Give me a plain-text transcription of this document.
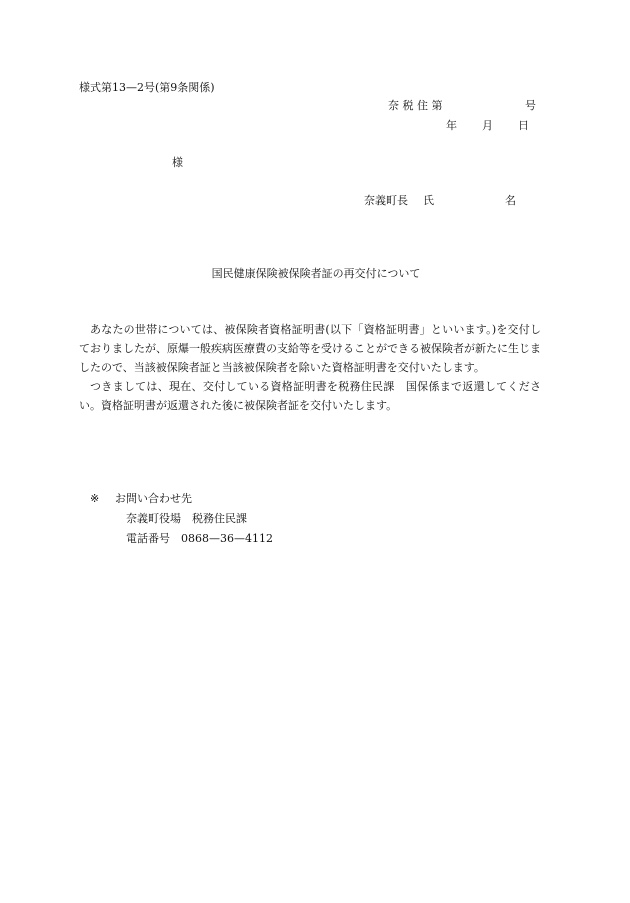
様式第13—2号(第9条関係)
奈 税 住 第	号
年 月 日
様
奈義町長 氏	名
国民健康保険被保険者証の再交付について

あなたの世帯については、被保険者資格証明書(以下「資格証明書」といいます。)を交付しておりましたが、原爆一般疾病医療費の支給等を受けることができる被保険者が新たに生じましたので、当該被保険者証と当該被保険者を除いた資格証明書を交付いたします。

つきましては、現在、交付している資格証明書を税務住民課　国保係まで返還してください。資格証明書が返還された後に被保険者証を交付いたします。

※ お問い合わせ先
奈義町役場　税務住民課
電話番号　0868—36—4112
